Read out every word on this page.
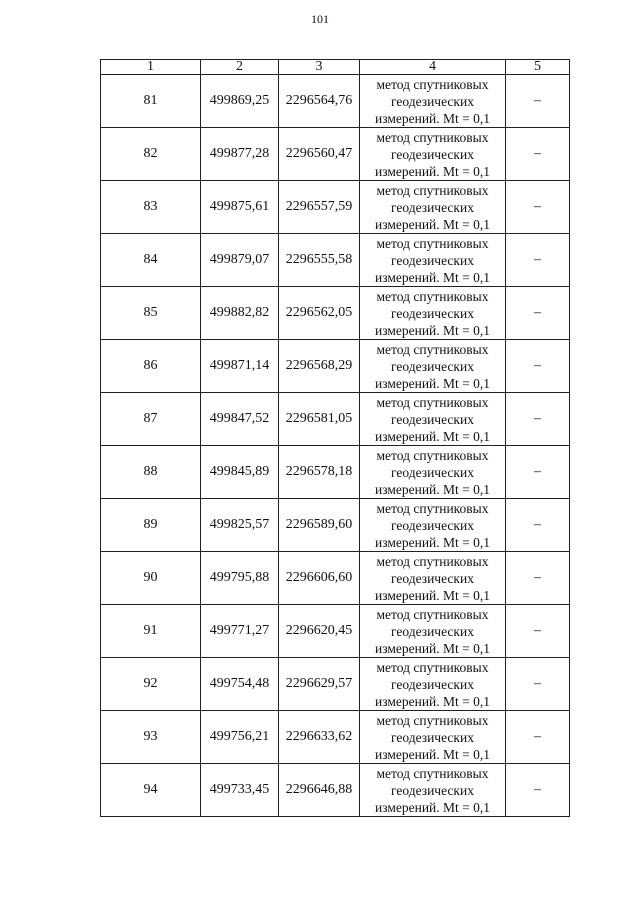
101
1	2	3	4	5
81	499869,25	2296564,76	метод спутниковых
геодезических
измерений. Mt = 0,1	–
82	499877,28	2296560,47	метод спутниковых
геодезических
измерений. Mt = 0,1	–
83	499875,61	2296557,59	метод спутниковых
геодезических
измерений. Mt = 0,1	–
84	499879,07	2296555,58	метод спутниковых
геодезических
измерений. Mt = 0,1	–
85	499882,82	2296562,05	метод спутниковых
геодезических
измерений. Mt = 0,1	–
86	499871,14	2296568,29	метод спутниковых
геодезических
измерений. Mt = 0,1	–
87	499847,52	2296581,05	метод спутниковых
геодезических
измерений. Mt = 0,1	–
88	499845,89	2296578,18	метод спутниковых
геодезических
измерений. Mt = 0,1	–
89	499825,57	2296589,60	метод спутниковых
геодезических
измерений. Mt = 0,1	–
90	499795,88	2296606,60	метод спутниковых
геодезических
измерений. Mt = 0,1	–
91	499771,27	2296620,45	метод спутниковых
геодезических
измерений. Mt = 0,1	–
92	499754,48	2296629,57	метод спутниковых
геодезических
измерений. Mt = 0,1	–
93	499756,21	2296633,62	метод спутниковых
геодезических
измерений. Mt = 0,1	–
94	499733,45	2296646,88	метод спутниковых
геодезических
измерений. Mt = 0,1	–
